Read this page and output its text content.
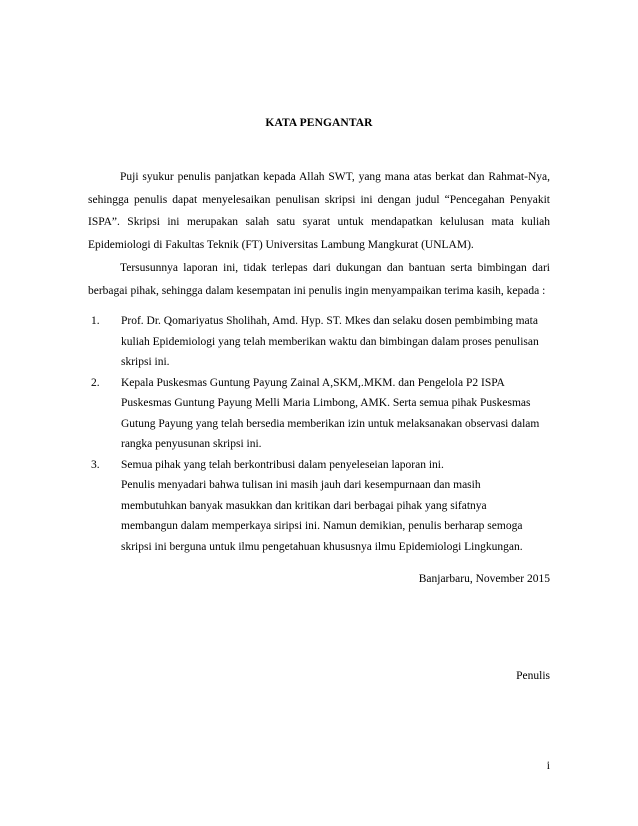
KATA PENGANTAR

Puji syukur penulis panjatkan kepada Allah SWT, yang mana atas berkat dan Rahmat-Nya, sehingga penulis dapat menyelesaikan penulisan skripsi ini dengan judul “Pencegahan Penyakit ISPA”. Skripsi ini merupakan salah satu syarat untuk mendapatkan kelulusan mata kuliah Epidemiologi di Fakultas Teknik (FT) Universitas Lambung Mangkurat (UNLAM).

Tersusunnya laporan ini, tidak terlepas dari dukungan dan bantuan serta bimbingan dari berbagai pihak, sehingga dalam kesempatan ini penulis ingin menyampaikan terima kasih, kepada :

1. Prof. Dr. Qomariyatus Sholihah, Amd. Hyp. ST. Mkes dan selaku dosen pembimbing mata
kuliah Epidemiologi yang telah memberikan waktu dan bimbingan dalam proses penulisan
skripsi ini.
2. Kepala Puskesmas Guntung Payung Zainal A,SKM,.MKM. dan Pengelola P2 ISPA
Puskesmas Guntung Payung Melli Maria Limbong, AMK. Serta semua pihak Puskesmas
Gutung Payung yang telah bersedia memberikan izin untuk melaksanakan observasi dalam
rangka penyusunan skripsi ini.
3. Semua pihak yang telah berkontribusi dalam penyeleseian laporan ini.
Penulis menyadari bahwa tulisan ini masih jauh dari kesempurnaan dan masih
membutuhkan banyak masukkan dan kritikan dari berbagai pihak yang sifatnya
membangun dalam memperkaya siripsi ini. Namun demikian, penulis berharap semoga
skripsi ini berguna untuk ilmu pengetahuan khususnya ilmu Epidemiologi Lingkungan.
Banjarbaru, November 2015
Penulis
i
